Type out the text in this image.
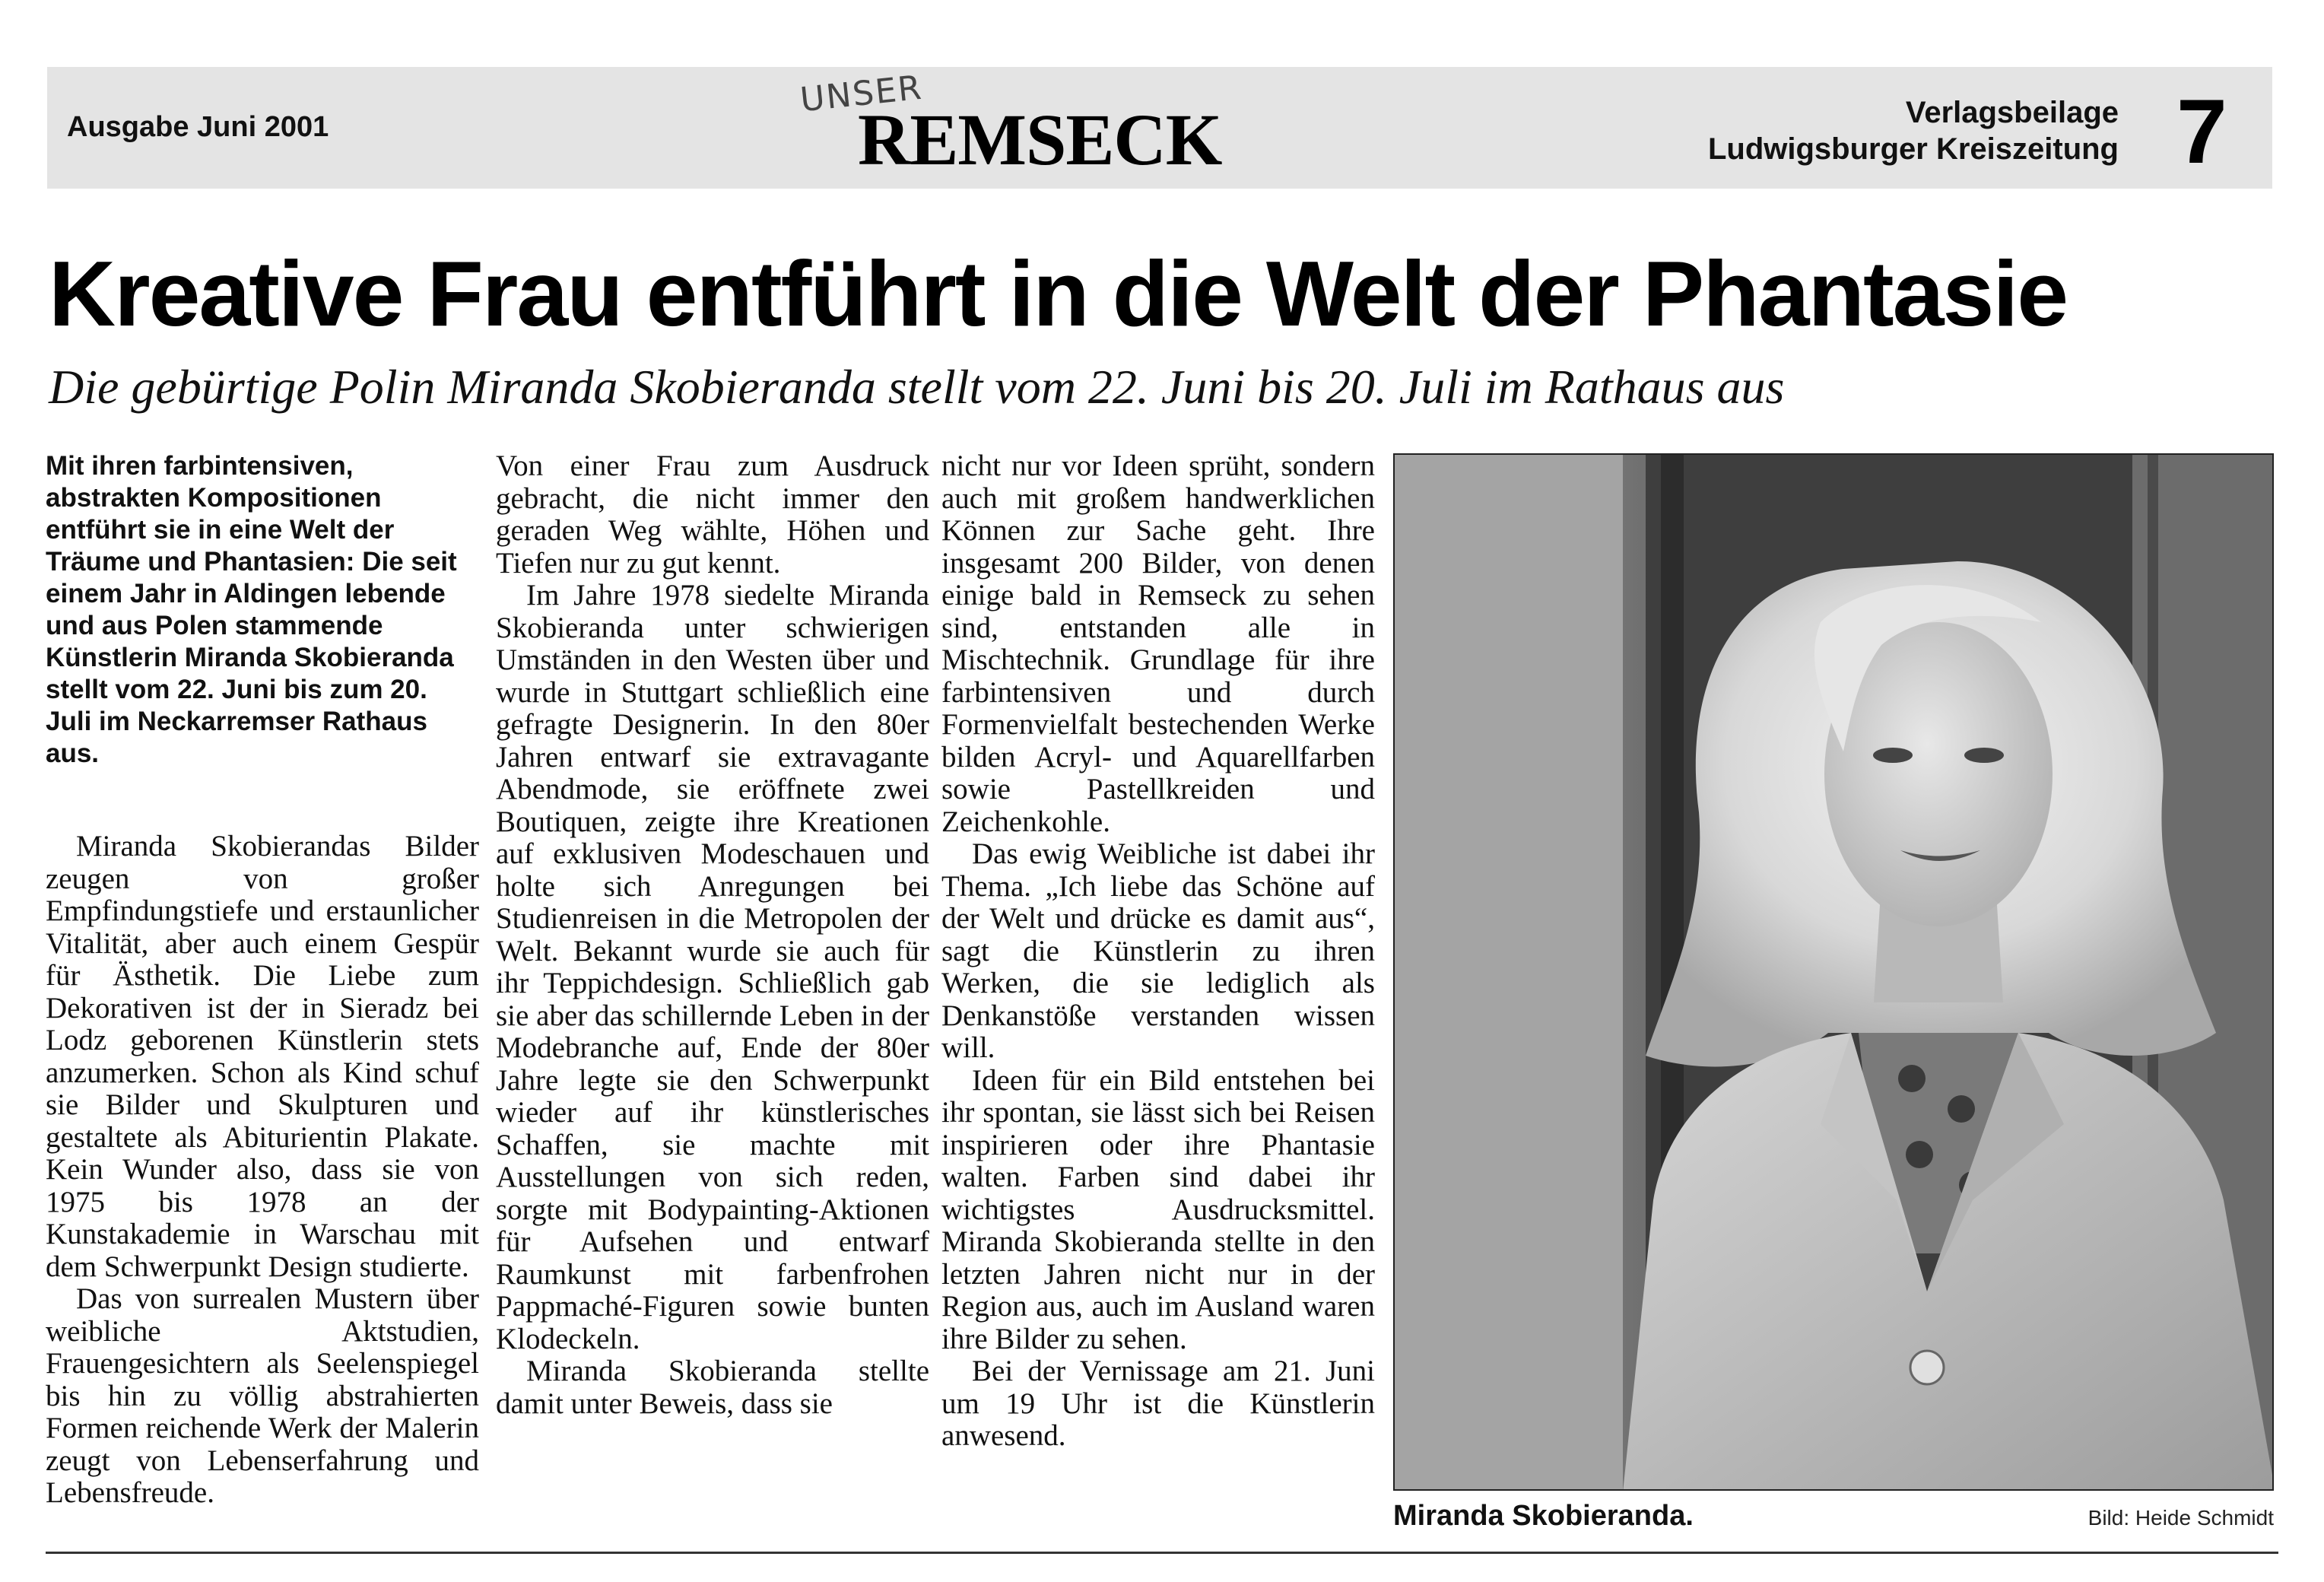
Ausgabe Juni 2001
UNSER
REMSECK	Verlagsbeilage
Ludwigsburger Kreiszeitung 7
Kreative Frau entführt in die Welt der Phantasie
Die gebürtige Polin Miranda Skobieranda stellt vom 22. Juni bis 20. Juli im Rathaus aus

Mit ihren farbintensiven, abstrakten Kompositionen entführt sie in eine Welt der Träume und Phantasien: Die seit einem Jahr in Aldingen lebende und aus Polen stammende Künstlerin Miranda Skobieranda stellt vom 22. Juni bis zum 20. Juli im Neckarremser Rathaus aus.

Miranda Skobierandas Bilder zeugen von großer Empfindungstiefe und erstaunlicher Vitalität, aber auch einem Gespür für Ästhetik. Die Liebe zum Dekorativen ist der in Sieradz bei Lodz geborenen Künstlerin stets anzumerken. Schon als Kind schuf sie Bilder und Skulpturen und gestaltete als Abiturientin Plakate. Kein Wunder also, dass sie von 1975 bis 1978 an der Kunstakademie in Warschau mit dem Schwerpunkt Design studierte.

Das von surrealen Mustern über weibliche Aktstudien, Frauengesichtern als Seelenspiegel bis hin zu völlig abstrahierten Formen reichende Werk der Malerin zeugt von Lebenserfahrung und Lebensfreude.

Von einer Frau zum Ausdruck gebracht, die nicht immer den geraden Weg wählte, Höhen und Tiefen nur zu gut kennt.

Im Jahre 1978 siedelte Miranda Skobieranda unter schwierigen Umständen in den Westen über und wurde in Stuttgart schließlich eine gefragte Designerin. In den 80er Jahren entwarf sie extravagante Abendmode, sie eröffnete zwei Boutiquen, zeigte ihre Kreationen auf exklusiven Modeschauen und holte sich Anregungen bei Studienreisen in die Metropolen der Welt. Bekannt wurde sie auch für ihr Teppichdesign. Schließlich gab sie aber das schillernde Leben in der Modebranche auf, Ende der 80er Jahre legte sie den Schwerpunkt wieder auf ihr künstlerisches Schaffen, sie machte mit Ausstellungen von sich reden, sorgte mit Bodypainting-Aktionen für Aufsehen und entwarf Raumkunst mit farbenfrohen Pappmaché-Figuren sowie bunten Klodeckeln.

Miranda Skobieranda stellte damit unter Beweis, dass sie

nicht nur vor Ideen sprüht, sondern auch mit großem handwerklichen Können zur Sache geht. Ihre insgesamt 200 Bilder, von denen einige bald in Remseck zu sehen sind, entstanden alle in Mischtechnik. Grundlage für ihre farbintensiven und durch Formenvielfalt bestechenden Werke bilden Acryl- und Aquarellfarben sowie Pastellkreiden und Zeichenkohle.

Das ewig Weibliche ist dabei ihr Thema. „Ich liebe das Schöne auf der Welt und drücke es damit aus“, sagt die Künstlerin zu ihren Werken, die sie lediglich als Denkanstöße verstanden wissen will.

Ideen für ein Bild entstehen bei ihr spontan, sie lässt sich bei Reisen inspirieren oder ihre Phantasie walten. Farben sind dabei ihr wichtigstes Ausdrucksmittel. Miranda Skobieranda stellte in den letzten Jahren nicht nur in der Region aus, auch im Ausland waren ihre Bilder zu sehen.

Bei der Vernissage am 21. Juni um 19 Uhr ist die Künstlerin anwesend.

Miranda Skobieranda.	Bild: Heide Schmidt
